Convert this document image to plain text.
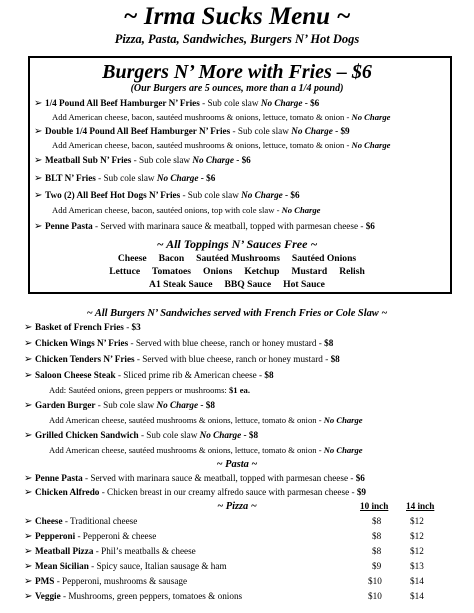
~ Irma Sucks Menu ~
Pizza, Pasta, Sandwiches, Burgers N’ Hot Dogs
Burgers N’ More with Fries – $6
(Our Burgers are 5 ounces, more than a 1/4 pound)
➢ 1/4 Pound All Beef Hamburger N’ Fries - Sub cole slaw No Charge - $6
Add American cheese, bacon, sautéed mushrooms & onions, lettuce, tomato & onion - No Charge
➢ Double 1/4 Pound All Beef Hamburger N’ Fries - Sub cole slaw No Charge - $9
Add American cheese, bacon, sautéed mushrooms & onions, lettuce, tomato & onion - No Charge
➢ Meatball Sub N’ Fries - Sub cole slaw No Charge - $6
➢ BLT N’ Fries - Sub cole slaw No Charge - $6
➢ Two (2) All Beef Hot Dogs N’ Fries - Sub cole slaw No Charge - $6
Add American cheese, bacon, sautéed onions, top with cole slaw - No Charge
➢ Penne Pasta - Served with marinara sauce & meatball, topped with parmesan cheese - $6
~ All Toppings N’ Sauces Free ~
Cheese     Bacon     Sautéed Mushrooms     Sautéed Onions
Lettuce     Tomatoes     Onions     Ketchup     Mustard     Relish
A1 Steak Sauce     BBQ Sauce     Hot Sauce
~ All Burgers N’ Sandwiches served with French Fries or Cole Slaw ~
➢ Basket of French Fries - $3
➢ Chicken Wings N’ Fries - Served with blue cheese, ranch or honey mustard - $8
➢ Chicken Tenders N’ Fries - Served with blue cheese, ranch or honey mustard - $8
➢ Saloon Cheese Steak - Sliced prime rib & American cheese - $8
Add: Sautéed onions, green peppers or mushrooms: $1 ea.
➢ Garden Burger - Sub cole slaw No Charge - $8
Add American cheese, sautéed mushrooms & onions, lettuce, tomato & onion - No Charge
➢ Grilled Chicken Sandwich - Sub cole slaw No Charge - $8
Add American cheese, sautéed mushrooms & onions, lettuce, tomato & onion - No Charge
~ Pasta ~
➢ Penne Pasta - Served with marinara sauce & meatball, topped with parmesan cheese - $6
➢ Chicken Alfredo - Chicken breast in our creamy alfredo sauce with parmesan cheese - $9
~ Pizza ~	10 inch 14 inch
➢ Cheese - Traditional cheese	$8	$12
➢ Pepperoni - Pepperoni & cheese	$8	$12
➢ Meatball Pizza - Phil’s meatballs & cheese	$8	$12
➢ Mean Sicilian - Spicy sauce, Italian sausage & ham	$9	$13
➢ PMS - Pepperoni, mushrooms & sausage	$10	$14
➢ Veggie - Mushrooms, green peppers, tomatoes & onions	$10	$14
